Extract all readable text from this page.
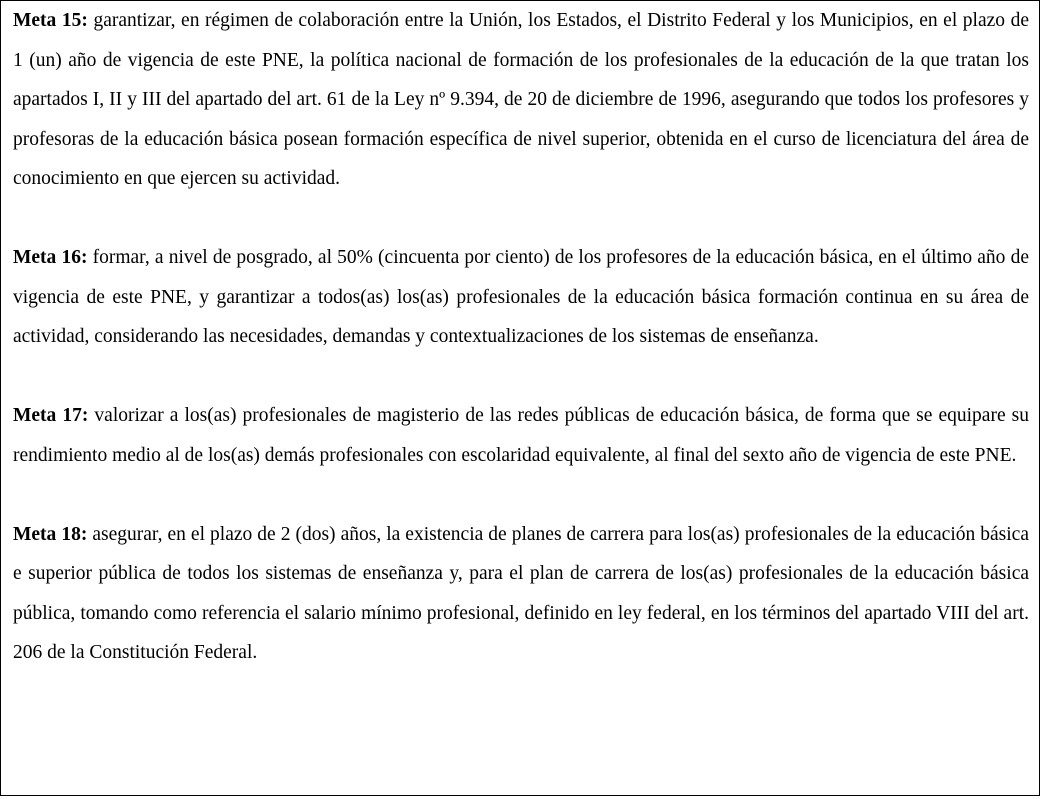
Meta 15: garantizar, en régimen de colaboración entre la Unión, los Estados, el Distrito Federal y los Municipios, en el plazo de 1 (un) año de vigencia de este PNE, la política nacional de formación de los profesionales de la educación de la que tratan los apartados I, II y III del apartado del art. 61 de la Ley nº 9.394, de 20 de diciembre de 1996, asegurando que todos los profesores y profesoras de la educación básica posean formación específica de nivel superior, obtenida en el curso de licenciatura del área de conocimiento en que ejercen su actividad.

Meta 16: formar, a nivel de posgrado, al 50% (cincuenta por ciento) de los profesores de la educación básica, en el último año de vigencia de este PNE, y garantizar a todos(as) los(as) profesionales de la educación básica formación continua en su área de actividad, considerando las necesidades, demandas y contextualizaciones de los sistemas de enseñanza.

Meta 17: valorizar a los(as) profesionales de magisterio de las redes públicas de educación básica, de forma que se equipare su rendimiento medio al de los(as) demás profesionales con escolaridad equivalente, al final del sexto año de vigencia de este PNE.

Meta 18: asegurar, en el plazo de 2 (dos) años, la existencia de planes de carrera para los(as) profesionales de la educación básica e superior pública de todos los sistemas de enseñanza y, para el plan de carrera de los(as) profesionales de la educación básica pública, tomando como referencia el salario mínimo profesional, definido en ley federal, en los términos del apartado VIII del art. 206 de la Constitución Federal.
